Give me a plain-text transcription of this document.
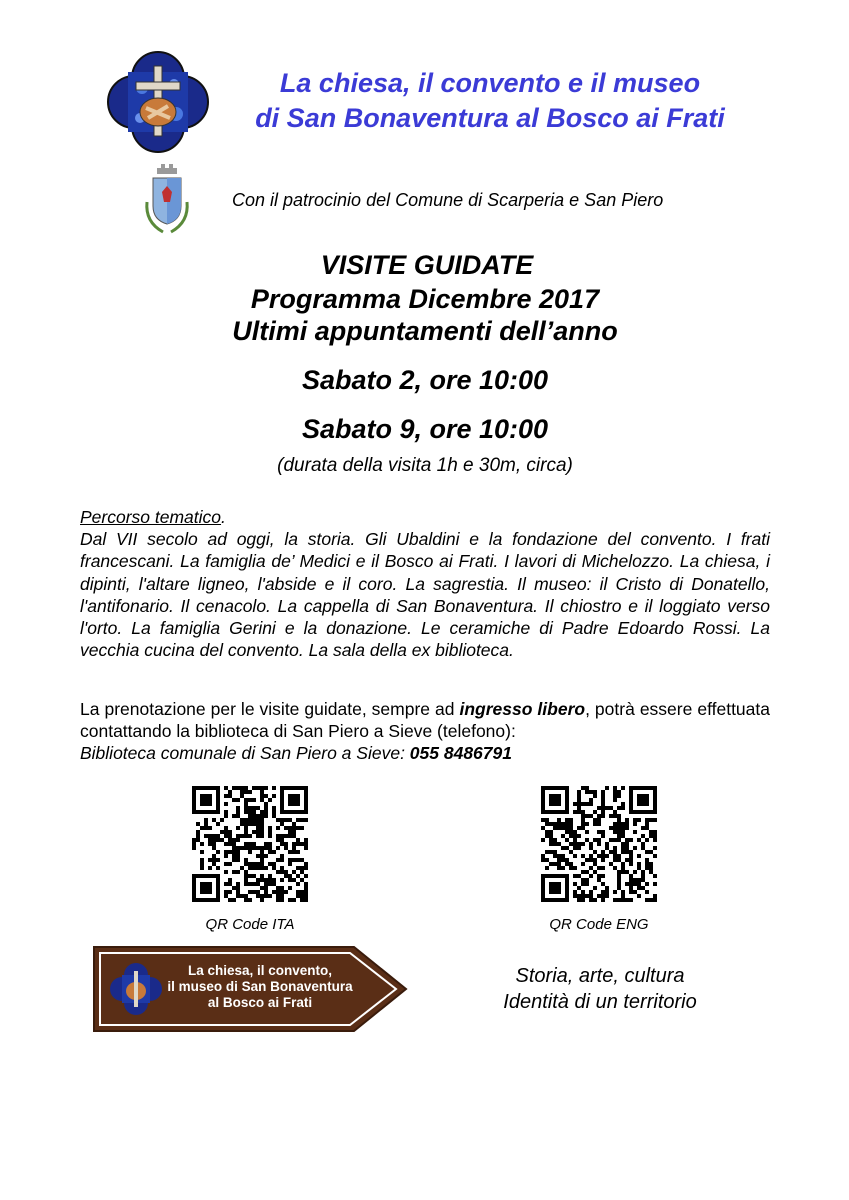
La chiesa, il convento e il museo
di San Bonaventura al Bosco ai Frati
Con il patrocinio del Comune di Scarperia e San Piero
VISITE GUIDATE
Programma Dicembre 2017
Ultimi appuntamenti dell’anno
Sabato 2, ore 10:00
Sabato 9, ore 10:00
(durata della visita 1h e 30m, circa)
Percorso tematico.
Dal VII secolo ad oggi, la storia. Gli Ubaldini e la fondazione del convento. I frati francescani. La famiglia de’ Medici e il Bosco ai Frati. I lavori di Michelozzo. La chiesa, i dipinti, l'altare ligneo, l'abside e il coro. La sagrestia. Il museo: il Cristo di Donatello, l'antifonario. Il cenacolo. La cappella di San Bonaventura. Il chiostro e il loggiato verso l'orto. La famiglia Gerini e la donazione. Le ceramiche di Padre Edoardo Rossi. La vecchia cucina del convento. La sala della ex biblioteca.
La prenotazione per le visite guidate, sempre ad ingresso libero, potrà essere effettuata contattando la biblioteca di San Piero a Sieve (telefono):
Biblioteca comunale di San Piero a Sieve: 055 8486791
QR Code ITA	QR Code ENG
La chiesa, il convento,
il museo di San Bonaventura
al Bosco ai Frati
Storia, arte, cultura
Identità di un territorio
